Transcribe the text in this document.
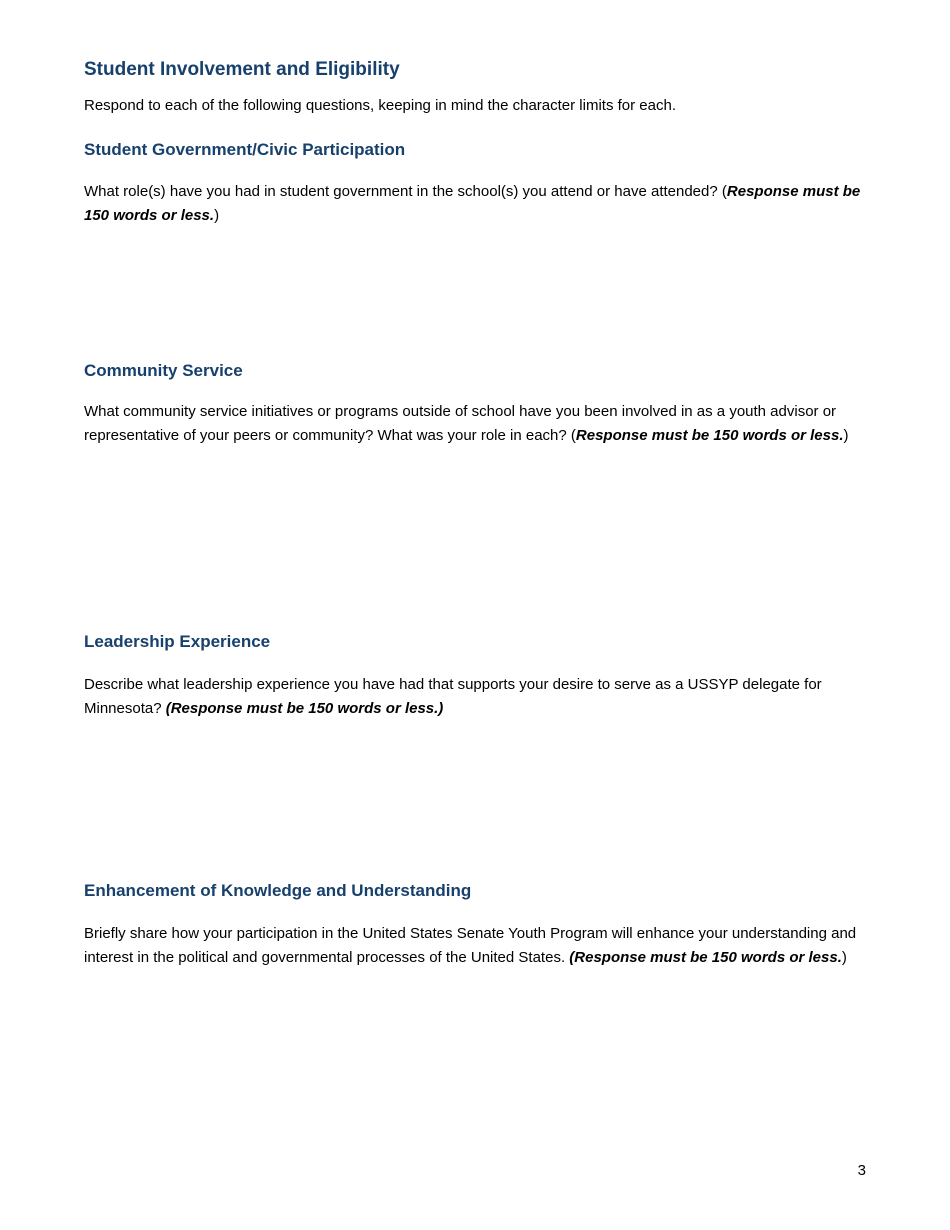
Student Involvement and Eligibility

Respond to each of the following questions, keeping in mind the character limits for each.

Student Government/Civic Participation

What role(s) have you had in student government in the school(s) you attend or have attended? (Response must be 150 words or less.)

Community Service

What community service initiatives or programs outside of school have you been involved in as a youth advisor or representative of your peers or community? What was your role in each? (Response must be 150 words or less.)

Leadership Experience

Describe what leadership experience you have had that supports your desire to serve as a USSYP delegate for Minnesota? (Response must be 150 words or less.)

Enhancement of Knowledge and Understanding

Briefly share how your participation in the United States Senate Youth Program will enhance your understanding and interest in the political and governmental processes of the United States. (Response must be 150 words or less.)

3
